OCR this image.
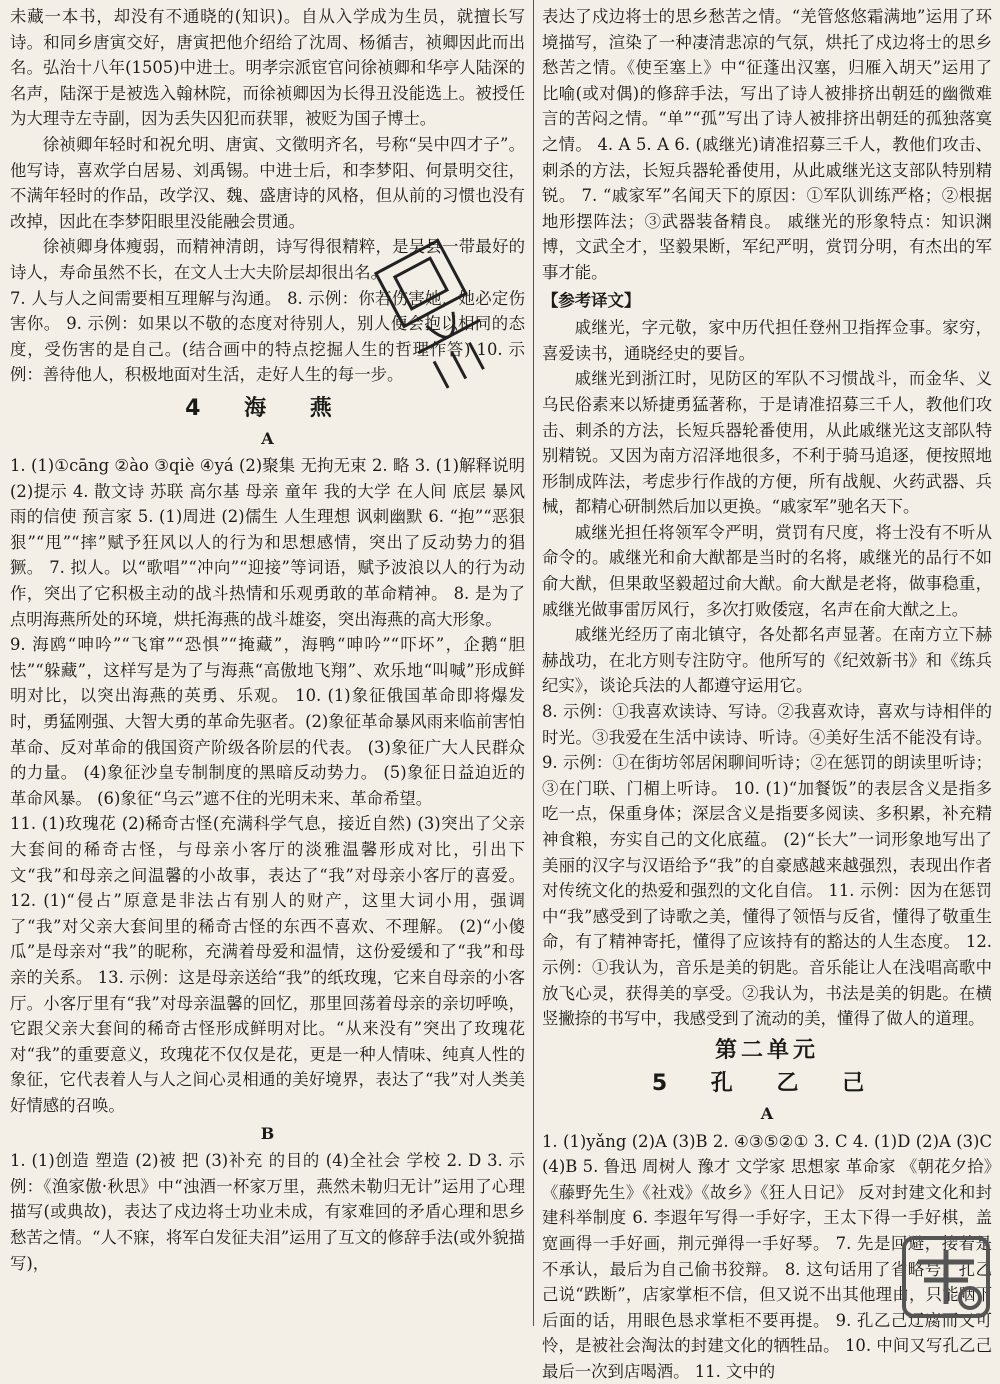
未藏一本书，却没有不通晓的(知识)。自从入学成为生员，就擅长写诗。和同乡唐寅交好，唐寅把他介绍给了沈周、杨循吉，祯卿因此而出名。弘治十八年(1505)中进士。明孝宗派宦官问徐祯卿和华亭人陆深的名声，陆深于是被选入翰林院，而徐祯卿因为长得丑没能选上。被授任为大理寺左寺副，因为丢失囚犯而获罪，被贬为国子博士。

徐祯卿年轻时和祝允明、唐寅、文徵明齐名，号称“吴中四才子”。他写诗，喜欢学白居易、刘禹锡。中进士后，和李梦阳、何景明交往，不满年轻时的作品，改学汉、魏、盛唐诗的风格，但从前的习惯也没有改掉，因此在李梦阳眼里没能融会贯通。

徐祯卿身体瘦弱，而精神清朗，诗写得很精粹，是吴县一带最好的诗人，寿命虽然不长，在文人士大夫阶层却很出名。

7. 人与人之间需要相互理解与沟通。 8. 示例：你若伤害她，她必定伤害你。 9. 示例：如果以不敬的态度对待别人，别人便会抱以相同的态度，受伤害的是自己。(结合画中的特点挖掘人生的哲理作答) 10. 示例：善待他人，积极地面对生活，走好人生的每一步。

4 海 燕
A

1. (1)①cāng ②ào ③qiè ④yá (2)聚集 无拘无束 2. 略 3. (1)解释说明 (2)提示 4. 散文诗 苏联 高尔基 母亲 童年 我的大学 在人间 底层 暴风雨的信使 预言家 5. (1)周进 (2)儒生 人生理想 讽刺幽默 6. “抱”“恶狠狠”“甩”“摔”赋予狂风以人的行为和思想感情，突出了反动势力的猖獗。 7. 拟人。以“歌唱”“冲向”“迎接”等词语，赋予波浪以人的行为动作，突出了它积极主动的战斗热情和乐观勇敢的革命精神。 8. 是为了点明海燕所处的环境，烘托海燕的战斗雄姿，突出海燕的高大形象。

9. 海鸥“呻吟”“飞窜”“恐惧”“掩藏”，海鸭“呻吟”“吓坏”，企鹅“胆怯”“躲藏”，这样写是为了与海燕“高傲地飞翔”、欢乐地“叫喊”形成鲜明对比，以突出海燕的英勇、乐观。 10. (1)象征俄国革命即将爆发时，勇猛刚强、大智大勇的革命先驱者。(2)象征革命暴风雨来临前害怕革命、反对革命的俄国资产阶级各阶层的代表。 (3)象征广大人民群众的力量。 (4)象征沙皇专制制度的黑暗反动势力。 (5)象征日益迫近的革命风暴。 (6)象征“乌云”遮不住的光明未来、革命希望。

11. (1)玫瑰花 (2)稀奇古怪(充满科学气息，接近自然) (3)突出了父亲大套间的稀奇古怪，与母亲小客厅的淡雅温馨形成对比，引出下文“我”和母亲之间温馨的小故事，表达了“我”对母亲小客厅的喜爱。 12. (1)“侵占”原意是非法占有别人的财产，这里大词小用，强调了“我”对父亲大套间里的稀奇古怪的东西不喜欢、不理解。 (2)“小傻瓜”是母亲对“我”的昵称，充满着母爱和温情，这份爱缓和了“我”和母亲的关系。 13. 示例：这是母亲送给“我”的纸玫瑰，它来自母亲的小客厅。小客厅里有“我”对母亲温馨的回忆，那里回荡着母亲的亲切呼唤，它跟父亲大套间的稀奇古怪形成鲜明对比。“从来没有”突出了玫瑰花对“我”的重要意义，玫瑰花不仅仅是花，更是一种人情味、纯真人性的象征，它代表着人与人之间心灵相通的美好境界，表达了“我”对人类美好情感的召唤。

B

1. (1)创造 塑造 (2)被 把 (3)补充 的目的 (4)全社会 学校 2. D 3. 示例：《渔家傲·秋思》中“浊酒一杯家万里，燕然未勒归无计”运用了心理描写(或典故)，表达了戍边将士功业未成，有家难回的矛盾心理和思乡愁苦之情。“人不寐，将军白发征夫泪”运用了互文的修辞手法(或外貌描写)，

表达了戍边将士的思乡愁苦之情。“羌管悠悠霜满地”运用了环境描写，渲染了一种凄清悲凉的气氛，烘托了戍边将士的思乡愁苦之情。《使至塞上》中“征蓬出汉塞，归雁入胡天”运用了比喻(或对偶)的修辞手法，写出了诗人被排挤出朝廷的幽微难言的苦闷之情。“单”“孤”写出了诗人被排挤出朝廷的孤独落寞之情。 4. A 5. A 6. (戚继光)请准招募三千人，教他们攻击、刺杀的方法，长短兵器轮番使用，从此戚继光这支部队特别精锐。 7. “戚家军”名闻天下的原因：①军队训练严格；②根据地形摆阵法；③武器装备精良。 戚继光的形象特点：知识渊博，文武全才，坚毅果断，军纪严明，赏罚分明，有杰出的军事才能。

【参考译文】

戚继光，字元敬，家中历代担任登州卫指挥佥事。家穷，喜爱读书，通晓经史的要旨。

戚继光到浙江时，见防区的军队不习惯战斗，而金华、义乌民俗素来以矫捷勇猛著称，于是请准招募三千人，教他们攻击、刺杀的方法，长短兵器轮番使用，从此戚继光这支部队特别精锐。又因为南方沼泽地很多，不利于骑马追逐，便按照地形制成阵法，考虑步行作战的方便，所有战舰、火药武器、兵械，都精心研制然后加以更换。“戚家军”驰名天下。

戚继光担任将领军令严明，赏罚有尺度，将士没有不听从命令的。戚继光和俞大猷都是当时的名将，戚继光的品行不如俞大猷，但果敢坚毅超过俞大猷。俞大猷是老将，做事稳重，戚继光做事雷厉风行，多次打败倭寇，名声在俞大猷之上。

戚继光经历了南北镇守，各处都名声显著。在南方立下赫赫战功，在北方则专注防守。他所写的《纪效新书》和《练兵纪实》，谈论兵法的人都遵守运用它。

8. 示例：①我喜欢读诗、写诗。②我喜欢诗，喜欢与诗相伴的时光。③我爱在生活中读诗、听诗。④美好生活不能没有诗。 9. 示例：①在街坊邻居闲聊间听诗；②在惩罚的朗读里听诗；③在门联、门楣上听诗。 10. (1)“加餐饭”的表层含义是指多吃一点，保重身体；深层含义是指要多阅读、多积累，补充精神食粮，夯实自己的文化底蕴。 (2)“长大”一词形象地写出了美丽的汉字与汉语给予“我”的自豪感越来越强烈，表现出作者对传统文化的热爱和强烈的文化自信。 11. 示例：因为在惩罚中“我”感受到了诗歌之美，懂得了领悟与反省，懂得了敬重生命，有了精神寄托，懂得了应该持有的豁达的人生态度。 12. 示例：①我认为，音乐是美的钥匙。音乐能让人在浅唱高歌中放飞心灵，获得美的享受。②我认为，书法是美的钥匙。在横竖撇捺的书写中，我感受到了流动的美，懂得了做人的道理。

第二单元
5 孔 乙 己
A

1. (1)yǎng (2)A (3)B 2. ④③⑤②① 3. C 4. (1)D (2)A (3)C (4)B 5. 鲁迅 周树人 豫才 文学家 思想家 革命家 《朝花夕拾》《藤野先生》《社戏》《故乡》《狂人日记》 反对封建文化和封建科举制度 6. 李遐年写得一手好字，王太下得一手好棋，盖宽画得一手好画，荆元弹得一手好琴。 7. 先是回避，接着是不承认，最后为自己偷书狡辩。 8. 这句话用了省略号，孔乙己说“跌断”，店家掌柜不信，但又说不出其他理由，只能咽下后面的话，用眼色恳求掌柜不要再提。 9. 孔乙己迂腐而又可怜，是被社会淘汰的封建文化的牺牲品。 10. 中间又写孔乙己最后一次到店喝酒。 11. 文中的
